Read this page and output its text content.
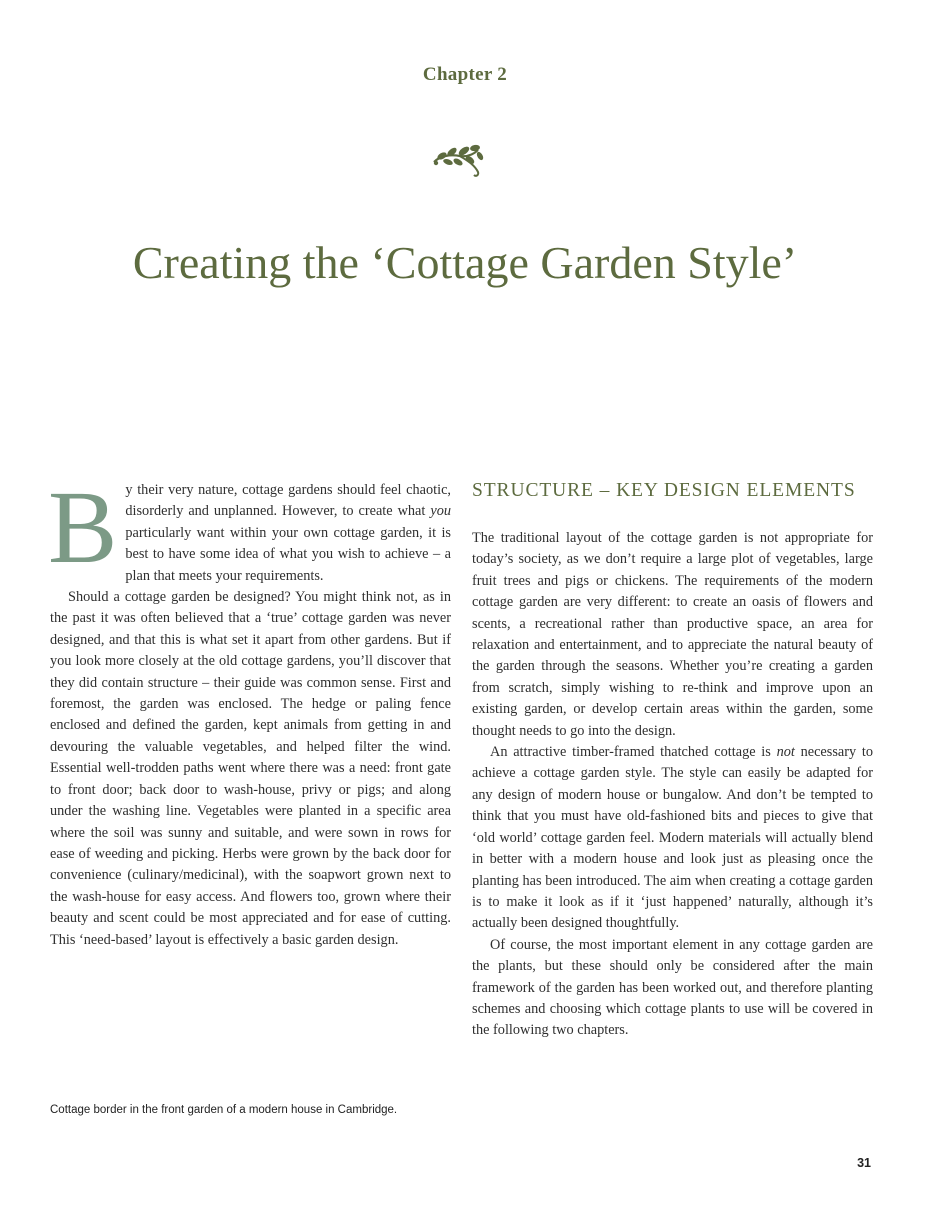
Chapter 2
Creating the ‘Cottage Garden Style’

B y their very nature, cottage gardens should feel chaotic, disorderly and unplanned. However, to create what you particularly want within your own cottage garden, it is best to have some idea of what you wish to achieve – a plan that meets your requirements.

Should a cottage garden be designed? You might think not, as in the past it was often believed that a ‘true’ cottage garden was never designed, and that this is what set it apart from other gardens. But if you look more closely at the old cottage gardens, you’ll discover that they did contain structure – their guide was common sense. First and foremost, the garden was enclosed. The hedge or paling fence enclosed and defined the garden, kept animals from getting in and devouring the valuable vegetables, and helped filter the wind. Essential well-trodden paths went where there was a need: front gate to front door; back door to wash-house, privy or pigs; and along under the washing line. Vegetables were planted in a specific area where the soil was sunny and suitable, and were sown in rows for ease of weeding and picking. Herbs were grown by the back door for convenience (culinary/medicinal), with the soapwort grown next to the wash-house for easy access. And flowers too, grown where their beauty and scent could be most appreciated and for ease of cutting. This ‘need-based’ layout is effectively a basic garden design.

STRUCTURE – KEY DESIGN ELEMENTS

The traditional layout of the cottage garden is not appropriate for today’s society, as we don’t require a large plot of vegetables, large fruit trees and pigs or chickens. The requirements of the modern cottage garden are very different: to create an oasis of flowers and scents, a recreational rather than productive space, an area for relaxation and entertainment, and to appreciate the natural beauty of the garden through the seasons. Whether you’re creating a garden from scratch, simply wishing to re-think and improve upon an existing garden, or develop certain areas within the garden, some thought needs to go into the design.

An attractive timber-framed thatched cottage is not necessary to achieve a cottage garden style. The style can easily be adapted for any design of modern house or bungalow. And don’t be tempted to think that you must have old-fashioned bits and pieces to give that ‘old world’ cottage garden feel. Modern materials will actually blend in better with a modern house and look just as pleasing once the planting has been introduced. The aim when creating a cottage garden is to make it look as if it ‘just happened’ naturally, although it’s actually been designed thoughtfully.

Of course, the most important element in any cottage garden are the plants, but these should only be considered after the main framework of the garden has been worked out, and therefore planting schemes and choosing which cottage plants to use will be covered in the following two chapters.

Cottage border in the front garden of a modern house in Cambridge.
31
